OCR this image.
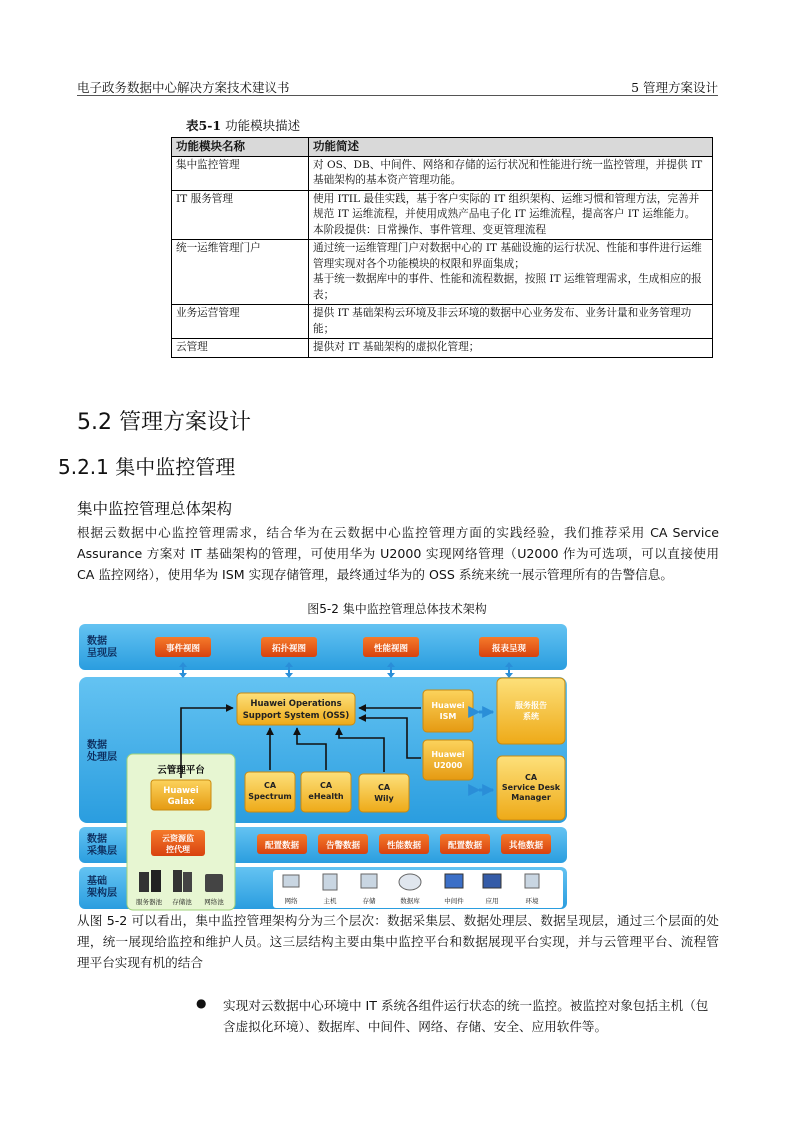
电子政务数据中心解决方案技术建议书	5 管理方案设计
表5-1 功能模块描述
功能模块名称	功能简述
集中监控管理	对 OS、DB、中间件、网络和存储的运行状况和性能进行统一监控管理，并提供 IT 基础架构的基本资产管理功能。

IT 服务管理	使用 ITIL 最佳实践，基于客户实际的 IT 组织架构、运维习惯和管理方法，完善并规范 IT 运维流程，并使用成熟产品电子化 IT 运维流程，提高客户 IT 运维能力。
本阶段提供：日常操作、事件管理、变更管理流程

统一运维管理门户	通过统一运维管理门户对数据中心的 IT 基础设施的运行状况、性能和事件进行运维管理实现对各个功能模块的权限和界面集成；
基于统一数据库中的事件、性能和流程数据，按照 IT 运维管理需求，生成相应的报表；

业务运营管理	提供 IT 基础架构云环境及非云环境的数据中心业务发布、业务计量和业务管理功能；

云管理	提供对 IT 基础架构的虚拟化管理；
5.2 管理方案设计
5.2.1 集中监控管理
集中监控管理总体架构
根据云数据中心监控管理需求，结合华为在云数据中心监控管理方面的实践经验，我们推荐采用 CA Service Assurance 方案对 IT 基础架构的管理，可使用华为 U2000 实现网络管理（U2000 作为可选项，可以直接使用 CA 监控网络），使用华为 ISM 实现存储管理，最终通过华为的 OSS 系统来统一展示管理所有的告警信息。
图5-2 集中监控管理总体技术架构
数据呈现层
数据处理层
数据采集层
基础架构层
事件视图	拓扑视图	性能视图	报表呈现
Huawei Operations Support System (OSS)
Huawei ISM
Huawei U2000
服务报告系统
CA Service Desk Manager
云管理平台
Huawei Galax
云资源监控代理
CA Spectrum
CA eHealth
CA Wily
配置数据	告警数据	性能数据	配置数据	其他数据
服务器池 存储池 网络池	网络	主机	存储	数据库	中间件	应用	环境
从图 5-2 可以看出，集中监控管理架构分为三个层次：数据采集层、数据处理层、数据呈现层，通过三个层面的处理，统一展现给监控和维护人员。这三层结构主要由集中监控平台和数据展现平台实现，并与云管理平台、流程管理平台实现有机的结合
● 实现对云数据中心环境中 IT 系统各组件运行状态的统一监控。被监控对象包括主机（包含虚拟化环境）、数据库、中间件、网络、存储、安全、应用软件等。
